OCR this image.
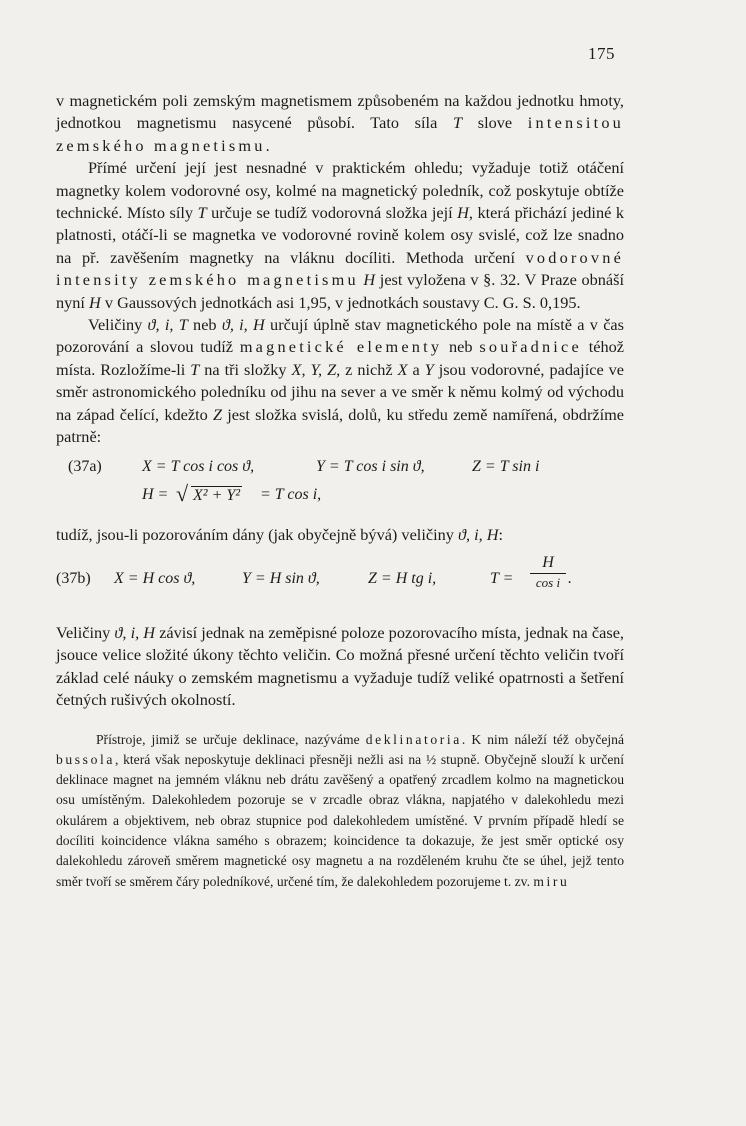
175

v magnetickém poli zemským magnetismem způsobeném na každou jednotku hmoty, jednotkou magnetismu nasycené působí. Tato síla T slove intensitou zemského magnetismu.

Přímé určení její jest nesnadné v praktickém ohledu; vyžaduje totiž otáčení magnetky kolem vodorovné osy, kolmé na magnetický poledník, což poskytuje obtíže technické. Místo síly T určuje se tudíž vodorovná složka její H, která přichází jediné k platnosti, otáčí-li se magnetka ve vodorovné rovině kolem osy svislé, což lze snadno na př. zavěšením magnetky na vláknu docíliti. Methoda určení vodorovné intensity zemského magnetismu H jest vyložena v §. 32. V Praze obnáší nyní H v Gaussových jednotkách asi 1,95, v jednotkách soustavy C. G. S. 0,195.

Veličiny ϑ, i, T neb ϑ, i, H určují úplně stav magnetického pole na místě a v čas pozorování a slovou tudíž magnetické elementy neb souřadnice téhož místa. Rozložíme-li T na tři složky X, Y, Z, z nichž X a Y jsou vodorovné, padajíce ve směr astronomického poledníku od jihu na sever a ve směr k němu kolmý od východu na západ čelící, kdežto Z jest složka svislá, dolů, ku středu země namířená, obdržíme patrně:

(37a)	X = T cos i cos ϑ,	Y = T cos i sin ϑ,	Z = T sin i
H = √ X² + Y² = T cos i,

tudíž, jsou-li pozorováním dány (jak obyčejně bývá) veličiny ϑ, i, H:

(37b) X = H cos ϑ,	Y = H sin ϑ,	Z = H tg i,	T =
H
cos i .

Veličiny ϑ, i, H závisí jednak na zeměpisné poloze pozorovacího místa, jednak na čase, jsouce velice složité úkony těchto veličin. Co možná přesné určení těchto veličin tvoří základ celé náuky o zemském magnetismu a vyžaduje tudíž veliké opatrnosti a šetření četných rušivých okolností.

Přístroje, jimiž se určuje deklinace, nazýváme deklinatoria. K nim náleží též obyčejná bussola, která však neposkytuje deklinaci přesněji nežli asi na ½ stupně. Obyčejně slouží k určení deklinace magnet na jemném vláknu neb drátu zavěšený a opatřený zrcadlem kolmo na magnetickou osu umístěným. Dalekohledem pozoruje se v zrcadle obraz vlákna, napjatého v dalekohledu mezi okulárem a objektivem, neb obraz stupnice pod dalekohledem umístěné. V prvním případě hledí se docíliti koincidence vlákna samého s obrazem; koincidence ta dokazuje, že jest směr optické osy dalekohledu zároveň směrem magnetické osy magnetu a na rozděleném kruhu čte se úhel, jejž tento směr tvoří se směrem čáry poledníkové, určené tím, že dalekohledem pozorujeme t. zv. miru
